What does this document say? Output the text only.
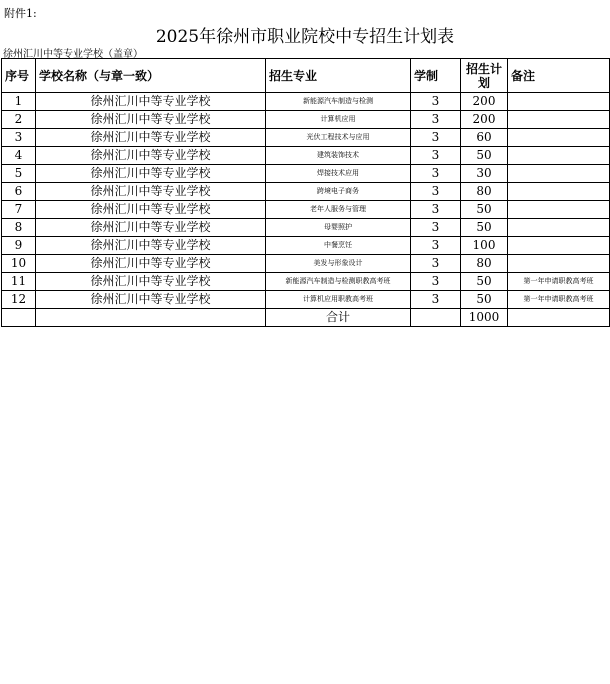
附件1:
2025年徐州市职业院校中专招生计划表
徐州汇川中等专业学校（盖章）
序号	学校名称（与章一致）	招生专业	学制	招生计划	备注
1	徐州汇川中等专业学校	新能源汽车制造与检测	3	200	
2	徐州汇川中等专业学校	计算机应用	3	200	
3	徐州汇川中等专业学校	光伏工程技术与应用	3	60	
4	徐州汇川中等专业学校	建筑装饰技术	3	50	
5	徐州汇川中等专业学校	焊接技术应用	3	30	
6	徐州汇川中等专业学校	跨境电子商务	3	80	
7	徐州汇川中等专业学校	老年人服务与管理	3	50	
8	徐州汇川中等专业学校	母婴照护	3	50	
9	徐州汇川中等专业学校	中餐烹饪	3	100	
10	徐州汇川中等专业学校	美发与形象设计	3	80	
11	徐州汇川中等专业学校	新能源汽车制造与检测职教高考班	3	50	第一年申请职教高考班
12	徐州汇川中等专业学校	计算机应用职教高考班	3	50	第一年申请职教高考班
		合计		1000	
